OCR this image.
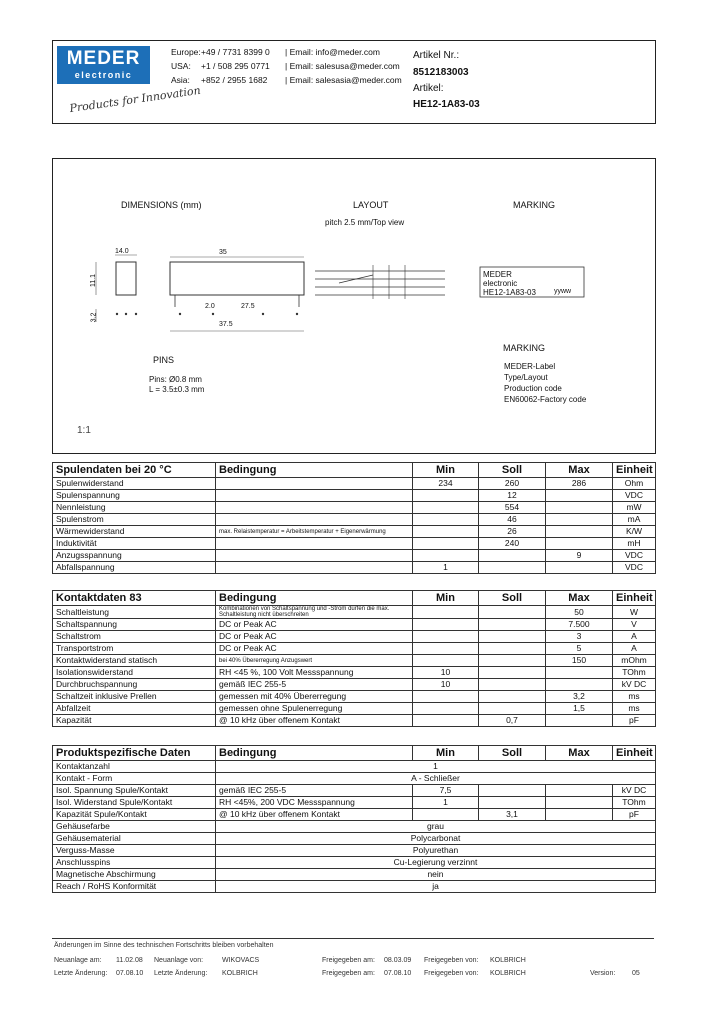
MEDER
electronic
Products for Innovation
Europe:
USA:
Asia:
+49 / 7731 8399 0
+1 / 508 295 0771
+852 / 2955 1682
| Email: info@meder.com
| Email: salesusa@meder.com
| Email: salesasia@meder.com
Artikel Nr.:
8512183003
Artikel:
HE12-1A83-03
DIMENSIONS (mm)	LAYOUT
pitch 2.5 mm/Top view
MARKING
14.0	35
11.1
3.2
2.0	27.5
37.5
MEDER
electronic
HE12-1A83-03	yyww
PINS
Pins: Ø0.8 mm
L = 3.5±0.3 mm
MARKING
MEDER-Label
Type/Layout
Production code
EN60062-Factory code
1:1
Spulendaten bei 20 °C	Bedingung	Min	Soll	Max	Einheit
Spulenwiderstand		234	260	286	Ohm
Spulenspannung			12		VDC
Nennleistung			554		mW
Spulenstrom			46		mA
Wärmewiderstand	max. Relaistemperatur = Arbeitstemperatur + Eigenerwärmung		26		K/W
Induktivität			240		mH
Anzugsspannung				9	VDC
Abfallspannung		1			VDC
Kontaktdaten 83	Bedingung	Min	Soll	Max	Einheit
Schaltleistung	Kombinationen von Schaltspannung und -Strom dürfen die max. Schaltleistung nicht überschreiten			50	W
Schaltspannung	DC or Peak AC			7.500	V
Schaltstrom	DC or Peak AC			3	A
Transportstrom	DC or Peak AC			5	A
Kontaktwiderstand statisch	bei 40% Übererregung Anzugswert			150	mOhm
Isolationswiderstand	RH <45 %, 100 Volt Messspannung	10			TOhm
Durchbruchspannung	gemäß IEC 255-5	10			kV DC
Schaltzeit inklusive Prellen	gemessen mit 40% Übererregung			3,2	ms
Abfallzeit	gemessen ohne Spulenerregung			1,5	ms
Kapazität	@ 10 kHz über offenem Kontakt		0,7		pF
Produktspezifische Daten	Bedingung	Min	Soll	Max	Einheit
Kontaktanzahl	1				
Kontakt - Form	A - Schließer				
Isol. Spannung Spule/Kontakt	gemäß IEC 255-5	7,5			kV DC
Isol. Widerstand Spule/Kontakt	RH <45%, 200 VDC Messspannung	1			TOhm
Kapazität Spule/Kontakt	@ 10 kHz über offenem Kontakt		3,1		pF
Gehäusefarbe	grau				
Gehäusematerial	Polycarbonat				
Verguss-Masse	Polyurethan				
Anschlusspins	Cu-Legierung verzinnt				
Magnetische Abschirmung	nein				
Reach / RoHS Konformität	ja				
Änderungen im Sinne des technischen Fortschritts bleiben vorbehalten
Neuanlage am: 11.02.08 Neuanlage von:	WIKOVACS	Freigegeben am: 08.03.09 Freigegeben von: KOLBRICH
Letzte Änderung: 07.08.10 Letzte Änderung: KOLBRICH	Freigegeben am: 07.08.10 Freigegeben von: KOLBRICH	Version: 05
